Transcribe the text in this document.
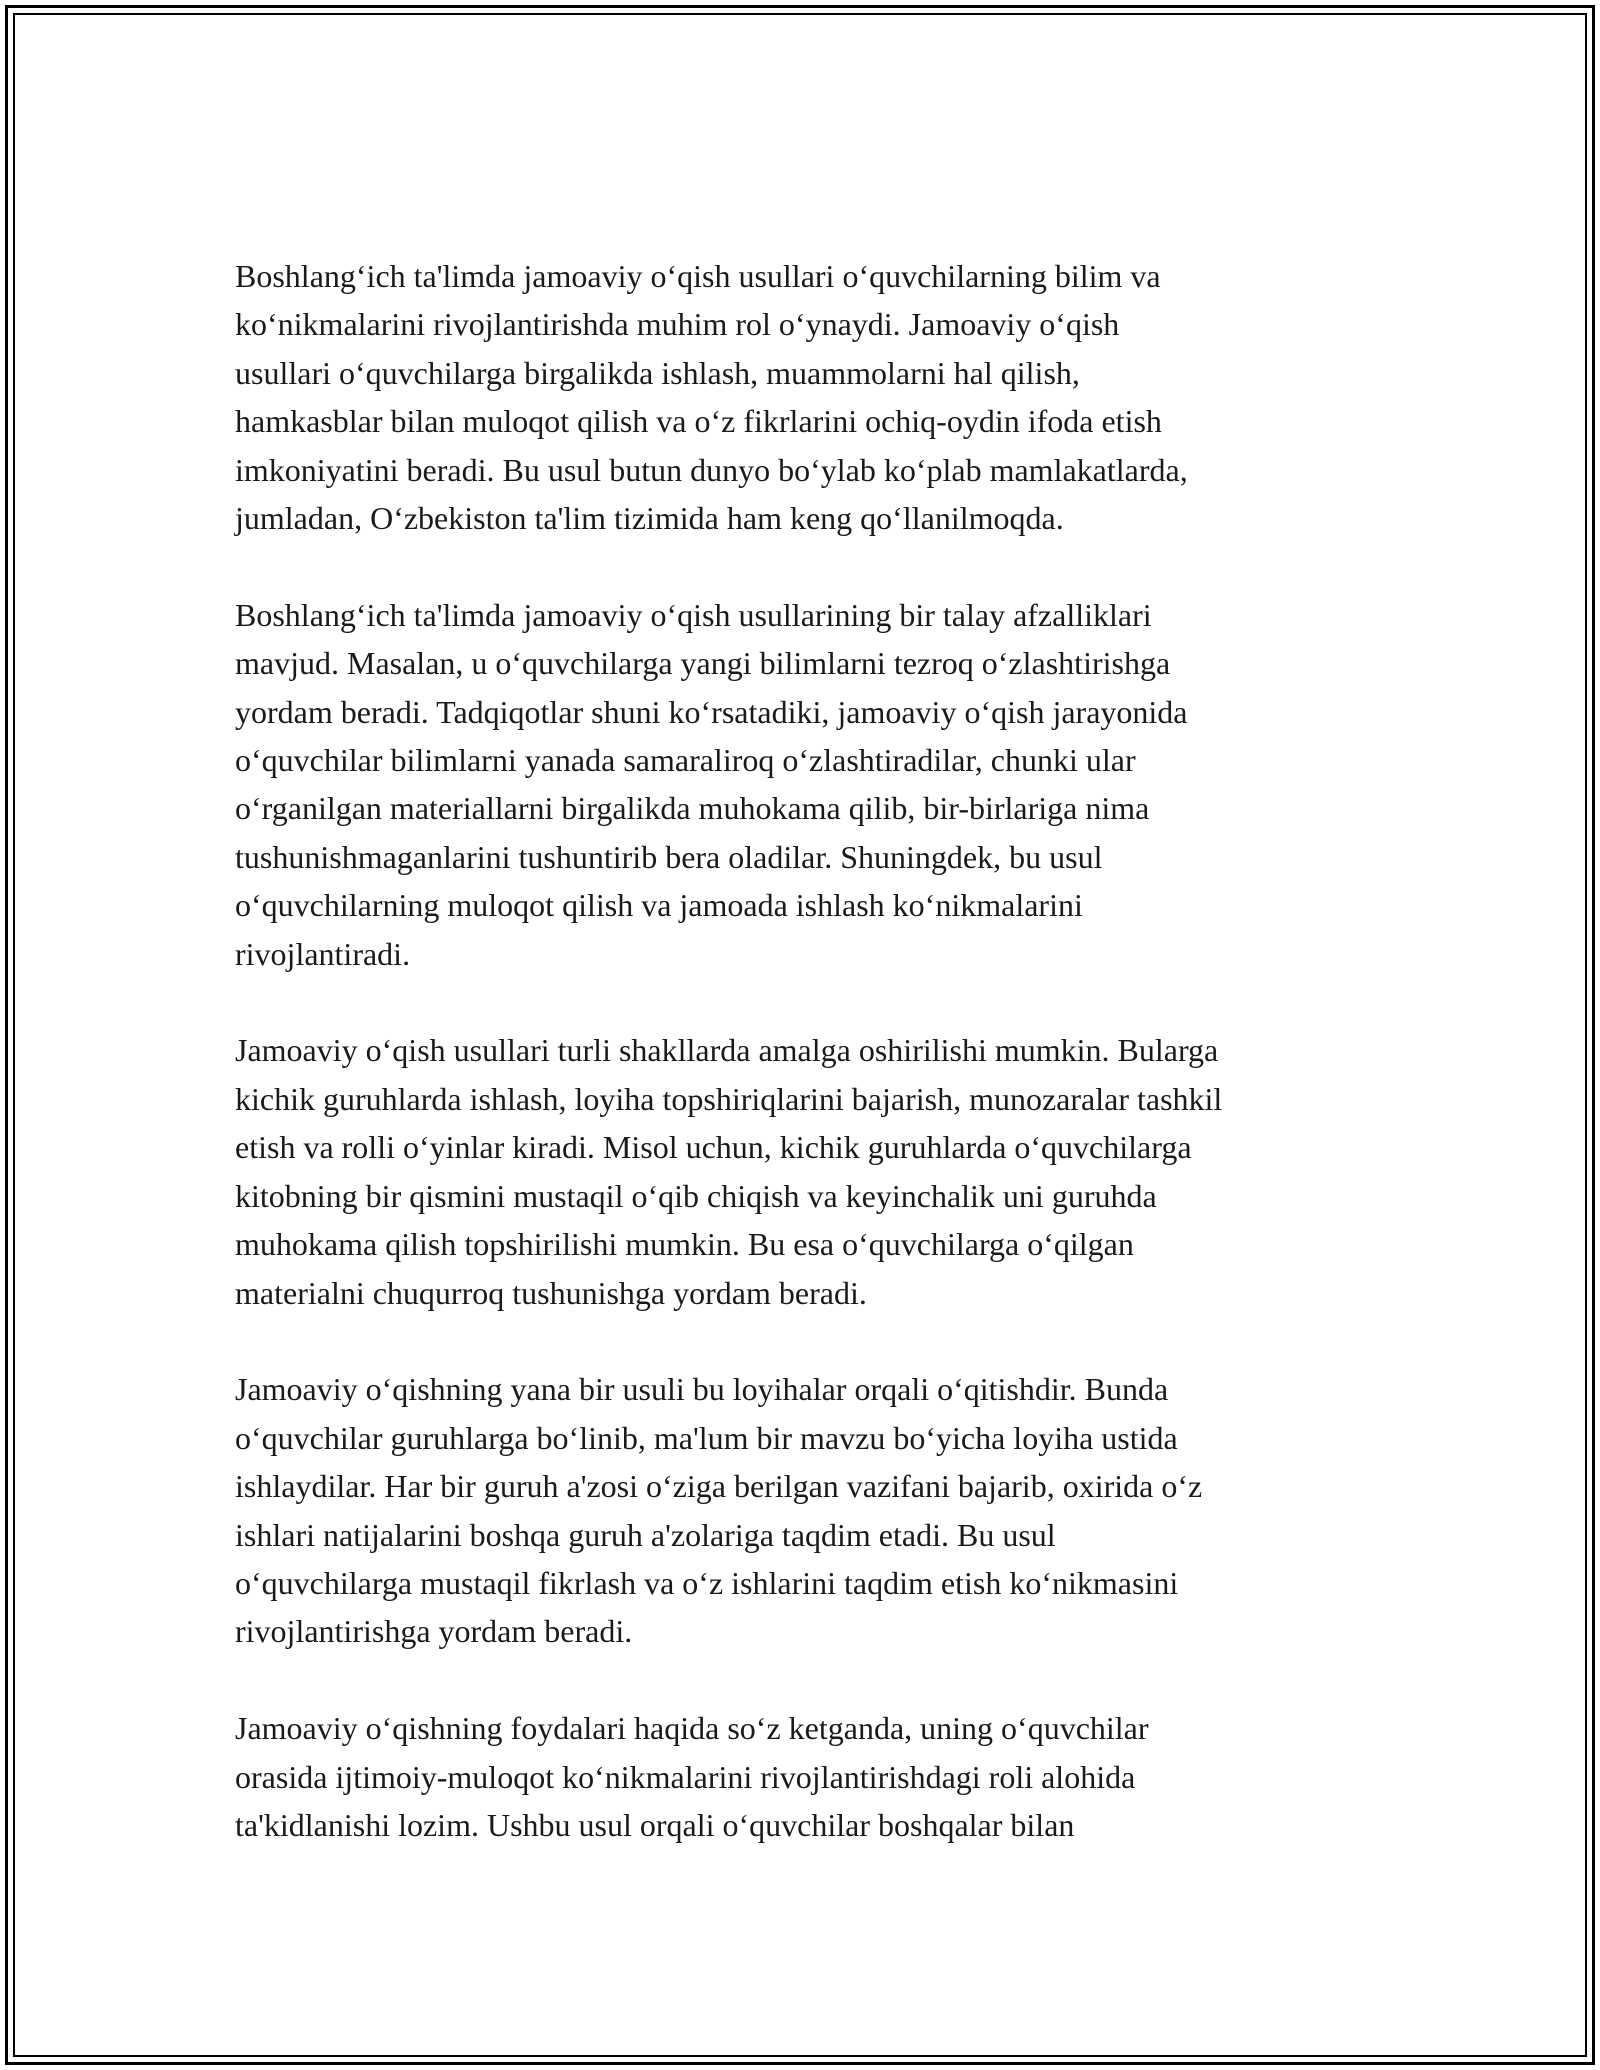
Boshlang‘ich ta'limda jamoaviy o‘qish usullari o‘quvchilarning bilim va
ko‘nikmalarini rivojlantirishda muhim rol o‘ynaydi. Jamoaviy o‘qish
usullari o‘quvchilarga birgalikda ishlash, muammolarni hal qilish,
hamkasblar bilan muloqot qilish va o‘z fikrlarini ochiq-oydin ifoda etish
imkoniyatini beradi. Bu usul butun dunyo bo‘ylab ko‘plab mamlakatlarda,
jumladan, O‘zbekiston ta'lim tizimida ham keng qo‘llanilmoqda.

Boshlang‘ich ta'limda jamoaviy o‘qish usullarining bir talay afzalliklari
mavjud. Masalan, u o‘quvchilarga yangi bilimlarni tezroq o‘zlashtirishga
yordam beradi. Tadqiqotlar shuni ko‘rsatadiki, jamoaviy o‘qish jarayonida
o‘quvchilar bilimlarni yanada samaraliroq o‘zlashtiradilar, chunki ular
o‘rganilgan materiallarni birgalikda muhokama qilib, bir-birlariga nima
tushunishmaganlarini tushuntirib bera oladilar. Shuningdek, bu usul
o‘quvchilarning muloqot qilish va jamoada ishlash ko‘nikmalarini
rivojlantiradi.

Jamoaviy o‘qish usullari turli shakllarda amalga oshirilishi mumkin. Bularga
kichik guruhlarda ishlash, loyiha topshiriqlarini bajarish, munozaralar tashkil
etish va rolli o‘yinlar kiradi. Misol uchun, kichik guruhlarda o‘quvchilarga
kitobning bir qismini mustaqil o‘qib chiqish va keyinchalik uni guruhda
muhokama qilish topshirilishi mumkin. Bu esa o‘quvchilarga o‘qilgan
materialni chuqurroq tushunishga yordam beradi.

Jamoaviy o‘qishning yana bir usuli bu loyihalar orqali o‘qitishdir. Bunda
o‘quvchilar guruhlarga bo‘linib, ma'lum bir mavzu bo‘yicha loyiha ustida
ishlaydilar. Har bir guruh a'zosi o‘ziga berilgan vazifani bajarib, oxirida o‘z
ishlari natijalarini boshqa guruh a'zolariga taqdim etadi. Bu usul
o‘quvchilarga mustaqil fikrlash va o‘z ishlarini taqdim etish ko‘nikmasini
rivojlantirishga yordam beradi.

Jamoaviy o‘qishning foydalari haqida so‘z ketganda, uning o‘quvchilar
orasida ijtimoiy-muloqot ko‘nikmalarini rivojlantirishdagi roli alohida
ta'kidlanishi lozim. Ushbu usul orqali o‘quvchilar boshqalar bilan
